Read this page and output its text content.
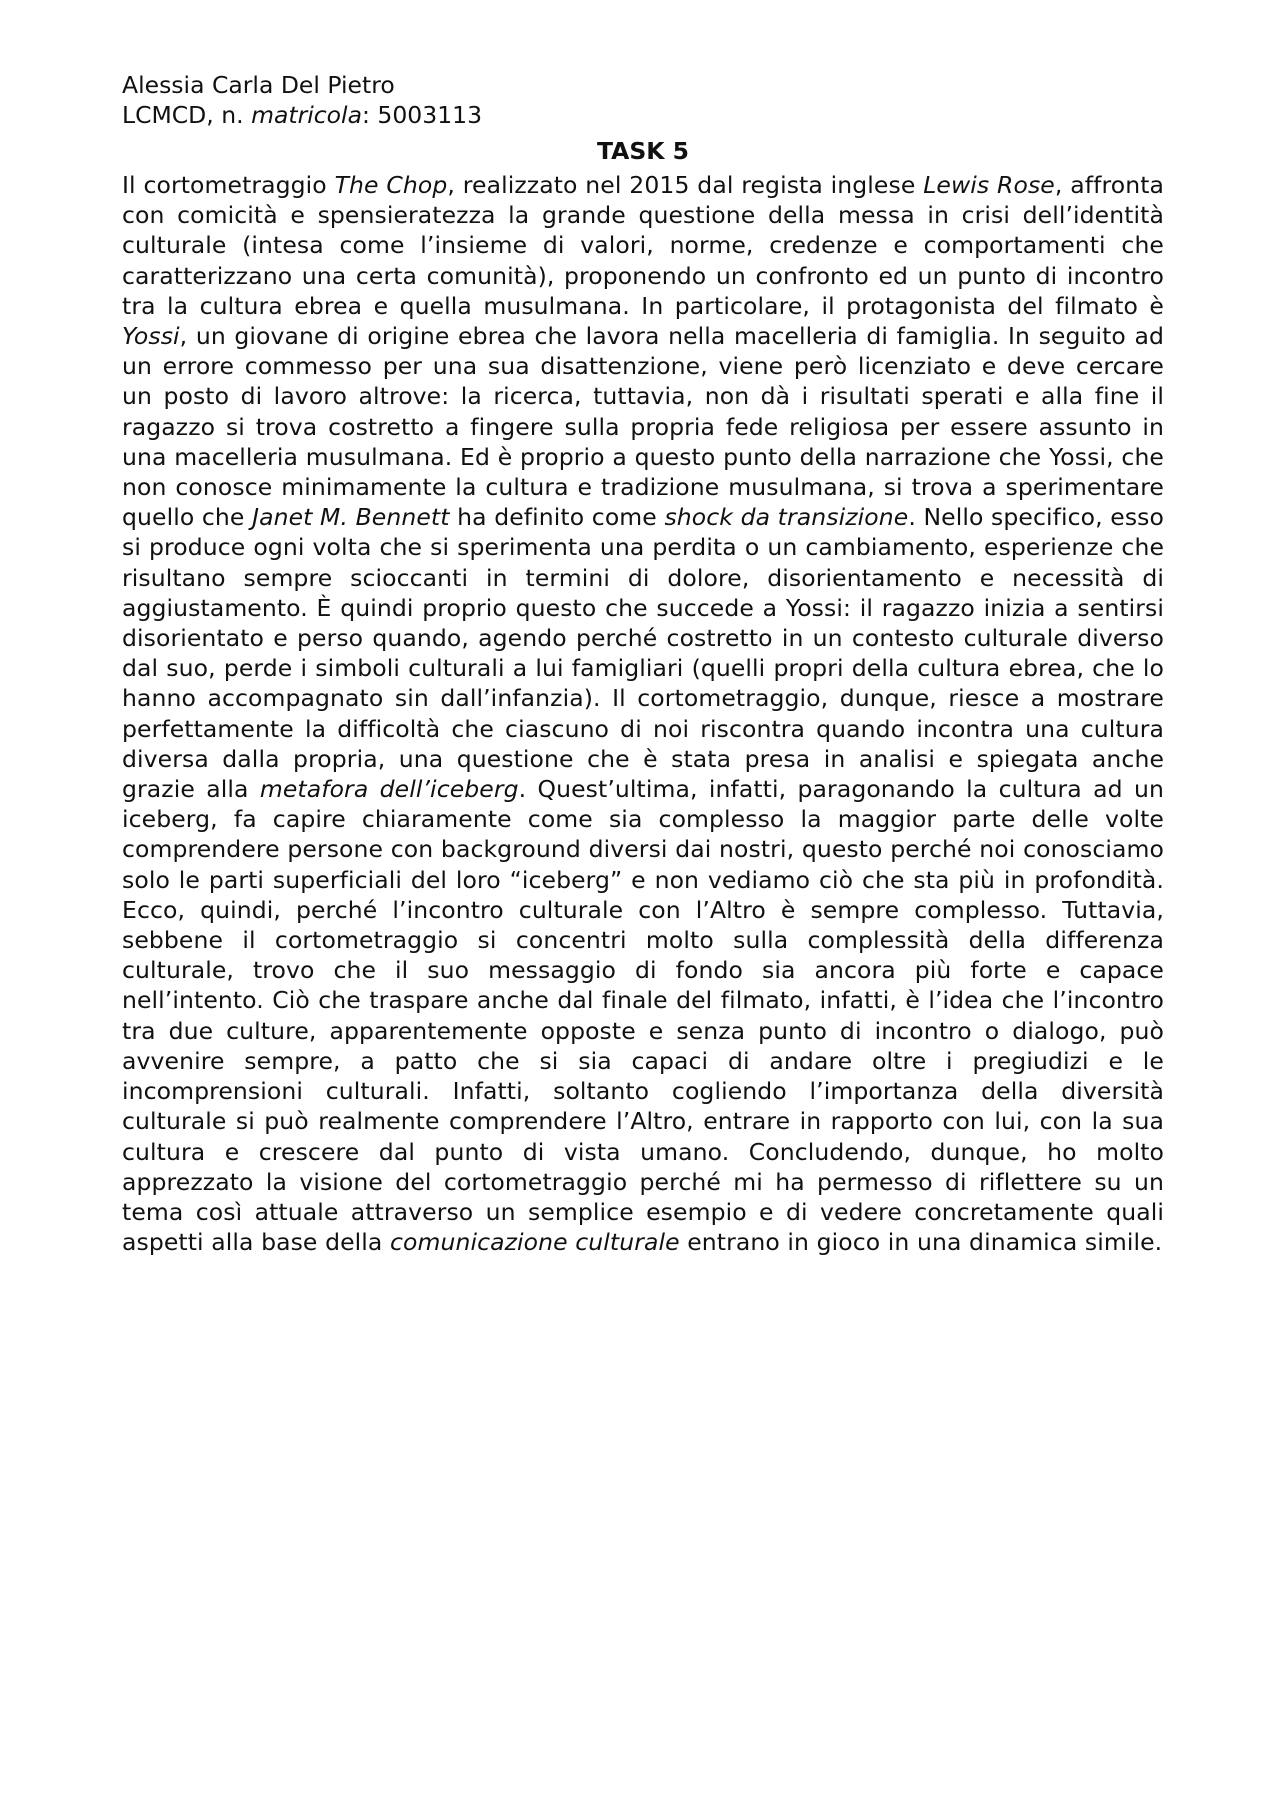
Alessia Carla Del Pietro

LCMCD, n. matricola: 5003113

TASK 5

Il cortometraggio The Chop, realizzato nel 2015 dal regista inglese Lewis Rose, affronta con comicità e spensieratezza la grande questione della messa in crisi dell’identità culturale (intesa come l’insieme di valori, norme, credenze e comportamenti che caratterizzano una certa comunità), proponendo un confronto ed un punto di incontro tra la cultura ebrea e quella musulmana. In particolare, il protagonista del filmato è Yossi, un giovane di origine ebrea che lavora nella macelleria di famiglia. In seguito ad un errore commesso per una sua disattenzione, viene però licenziato e deve cercare un posto di lavoro altrove: la ricerca, tuttavia, non dà i risultati sperati e alla fine il ragazzo si trova costretto a fingere sulla propria fede religiosa per essere assunto in una macelleria musulmana. Ed è proprio a questo punto della narrazione che Yossi, che non conosce minimamente la cultura e tradizione musulmana, si trova a sperimentare quello che Janet M. Bennett ha definito come shock da transizione. Nello specifico, esso si produce ogni volta che si sperimenta una perdita o un cambiamento, esperienze che risultano sempre scioccanti in termini di dolore, disorientamento e necessità di aggiustamento. È quindi proprio questo che succede a Yossi: il ragazzo inizia a sentirsi disorientato e perso quando, agendo perché costretto in un contesto culturale diverso dal suo, perde i simboli culturali a lui famigliari (quelli propri della cultura ebrea, che lo hanno accompagnato sin dall’infanzia). Il cortometraggio, dunque, riesce a mostrare perfettamente la difficoltà che ciascuno di noi riscontra quando incontra una cultura diversa dalla propria, una questione che è stata presa in analisi e spiegata anche grazie alla metafora dell’iceberg. Quest’ultima, infatti, paragonando la cultura ad un iceberg, fa capire chiaramente come sia complesso la maggior parte delle volte comprendere persone con background diversi dai nostri, questo perché noi conosciamo solo le parti superficiali del loro “iceberg” e non vediamo ciò che sta più in profondità. Ecco, quindi, perché l’incontro culturale con l’Altro è sempre complesso. Tuttavia, sebbene il cortometraggio si concentri molto sulla complessità della differenza culturale, trovo che il suo messaggio di fondo sia ancora più forte e capace nell’intento. Ciò che traspare anche dal finale del filmato, infatti, è l’idea che l’incontro tra due culture, apparentemente opposte e senza punto di incontro o dialogo, può avvenire sempre, a patto che si sia capaci di andare oltre i pregiudizi e le incomprensioni culturali. Infatti, soltanto cogliendo l’importanza della diversità culturale si può realmente comprendere l’Altro, entrare in rapporto con lui, con la sua cultura e crescere dal punto di vista umano. Concludendo, dunque, ho molto apprezzato la visione del cortometraggio perché mi ha permesso di riflettere su un tema così attuale attraverso un semplice esempio e di vedere concretamente quali aspetti alla base della comunicazione culturale entrano in gioco in una dinamica simile.
